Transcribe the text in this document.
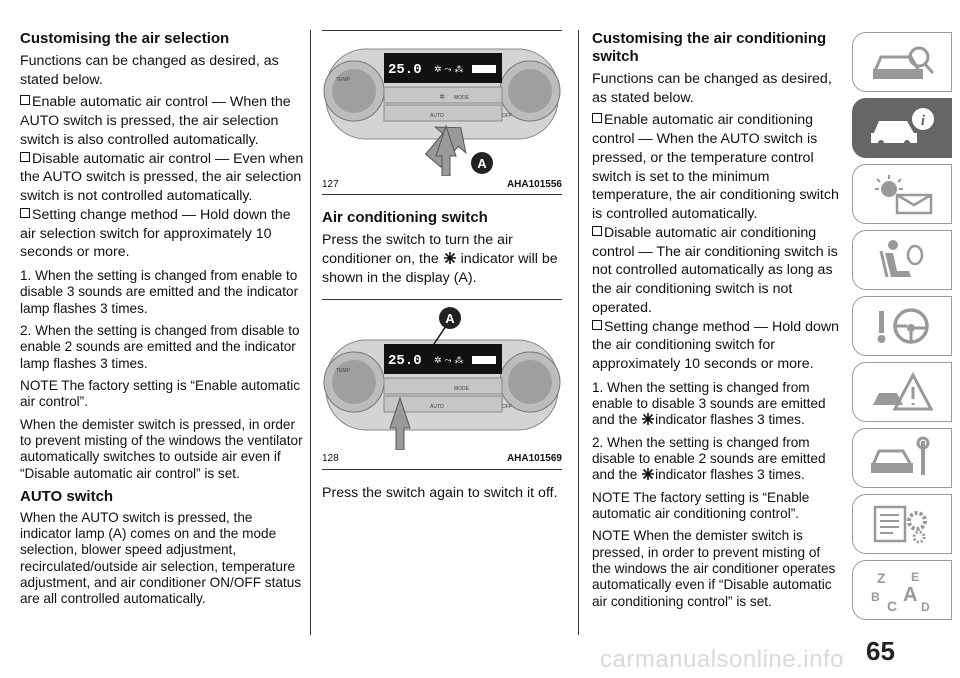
Customising the air selection

Functions can be changed as desired, as stated below.

Enable automatic air control — When the AUTO switch is pressed, the air selection switch is also controlled automatically.

Disable automatic air control — Even when the AUTO switch is pressed, the air selection switch is not controlled automatically.

Setting change method — Hold down the air selection switch for approximately 10 seconds or more.

1. When the setting is changed from enable to disable 3 sounds are emitted and the indicator lamp flashes 3 times.

2. When the setting is changed from disable to enable 2 sounds are emitted and the indicator lamp flashes 3 times.

NOTE The factory setting is “Enable automatic air control”.

When the demister switch is pressed, in order to prevent misting of the windows the ventilator automatically switches to outside air even if “Disable automatic air control” is set.

AUTO switch

When the AUTO switch is pressed, the indicator lamp (A) comes on and the mode selection, blower speed adjustment, recirculated/outside air selection, temperature adjustment, and air conditioner ON/OFF status are all controlled automatically.

25.0 ✲ ⤳ ⁂
✲ MODE
AUTO	OFF
TEMP
A
127	AHA101556
Air conditioning switch

Press the switch to turn the air conditioner on, the indicator will be shown in the display (A).

25.0 ✲ ⤳ ⁂
MODE
AUTO	OFF
TEMP
A
128	AHA101569

Press the switch again to switch it off.

Customising the air conditioning switch

Functions can be changed as desired, as stated below.

Enable automatic air conditioning control — When the AUTO switch is pressed, or the temperature control switch is set to the minimum temperature, the air conditioning switch is controlled automatically.

Disable automatic air conditioning control — The air conditioning switch is not controlled automatically as long as the air conditioning switch is not operated.

Setting change method — Hold down the air conditioning switch for approximately 10 seconds or more.

1. When the setting is changed from enable to disable 3 sounds are emitted and the indicator flashes 3 times.

2. When the setting is changed from disable to enable 2 sounds are emitted and the indicator flashes 3 times.

NOTE The factory setting is “Enable automatic air conditioning control”.

NOTE When the demister switch is pressed, in order to prevent misting of the windows the air conditioner operates automatically even if “Disable automatic air conditioning control” is set.

i
Z E
B A
C D
carmanualsonline.info 65
